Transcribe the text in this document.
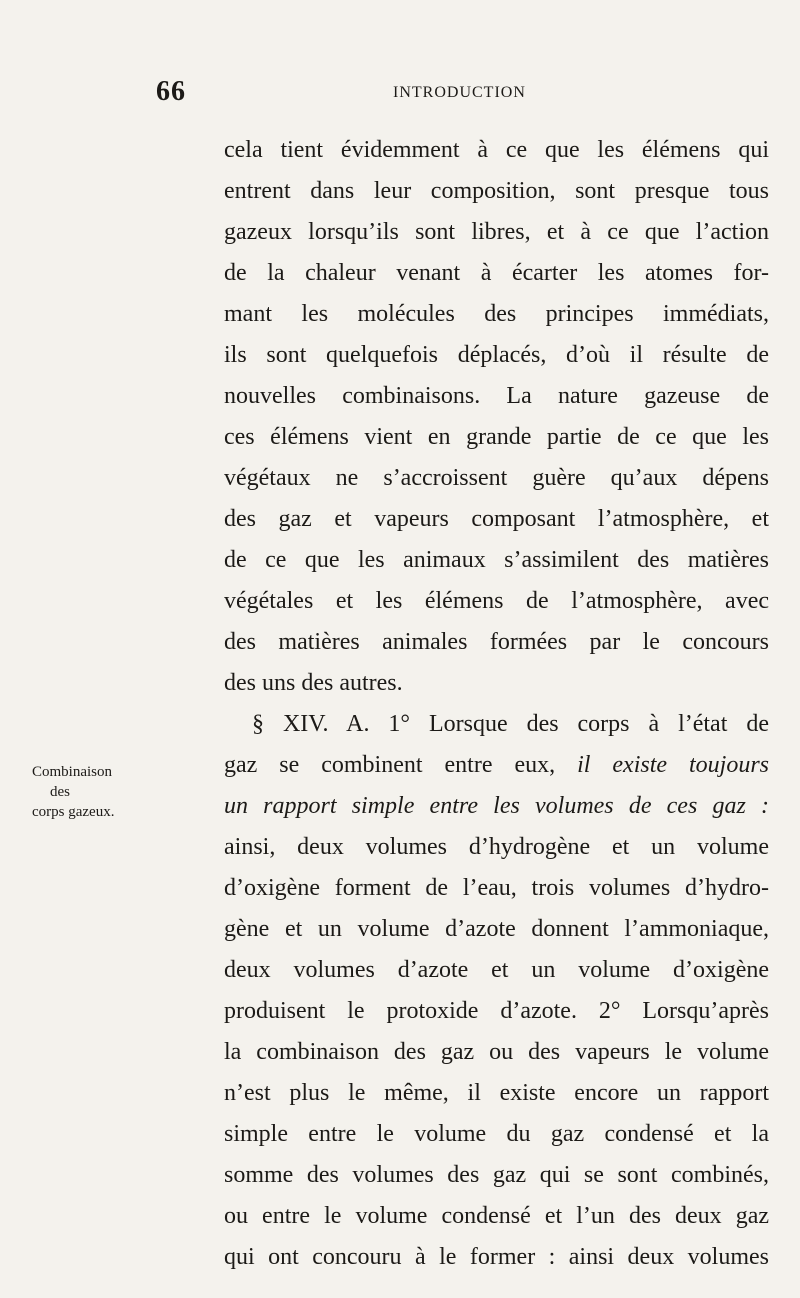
66	INTRODUCTION
Combinaison
des
corps gazeux.
cela tient évidemment à ce que les élémens qui
entrent dans leur composition, sont presque tous
gazeux lorsqu’ils sont libres, et à ce que l’action
de la chaleur venant à écarter les atomes for-
mant les molécules des principes immédiats,
ils sont quelquefois déplacés, d’où il résulte de
nouvelles combinaisons. La nature gazeuse de
ces élémens vient en grande partie de ce que les
végétaux ne s’accroissent guère qu’aux dépens
des gaz et vapeurs composant l’atmosphère, et
de ce que les animaux s’assimilent des matières
végétales et les élémens de l’atmosphère, avec
des matières animales formées par le concours
des uns des autres.
§ XIV. A. 1° Lorsque des corps à l’état de
gaz se combinent entre eux, il existe toujours
un rapport simple entre les volumes de ces gaz :
ainsi, deux volumes d’hydrogène et un volume
d’oxigène forment de l’eau, trois volumes d’hydro-
gène et un volume d’azote donnent l’ammoniaque,
deux volumes d’azote et un volume d’oxigène
produisent le protoxide d’azote. 2° Lorsqu’après
la combinaison des gaz ou des vapeurs le volume
n’est plus le même, il existe encore un rapport
simple entre le volume du gaz condensé et la
somme des volumes des gaz qui se sont combinés,
ou entre le volume condensé et l’un des deux gaz
qui ont concouru à le former : ainsi deux volumes
